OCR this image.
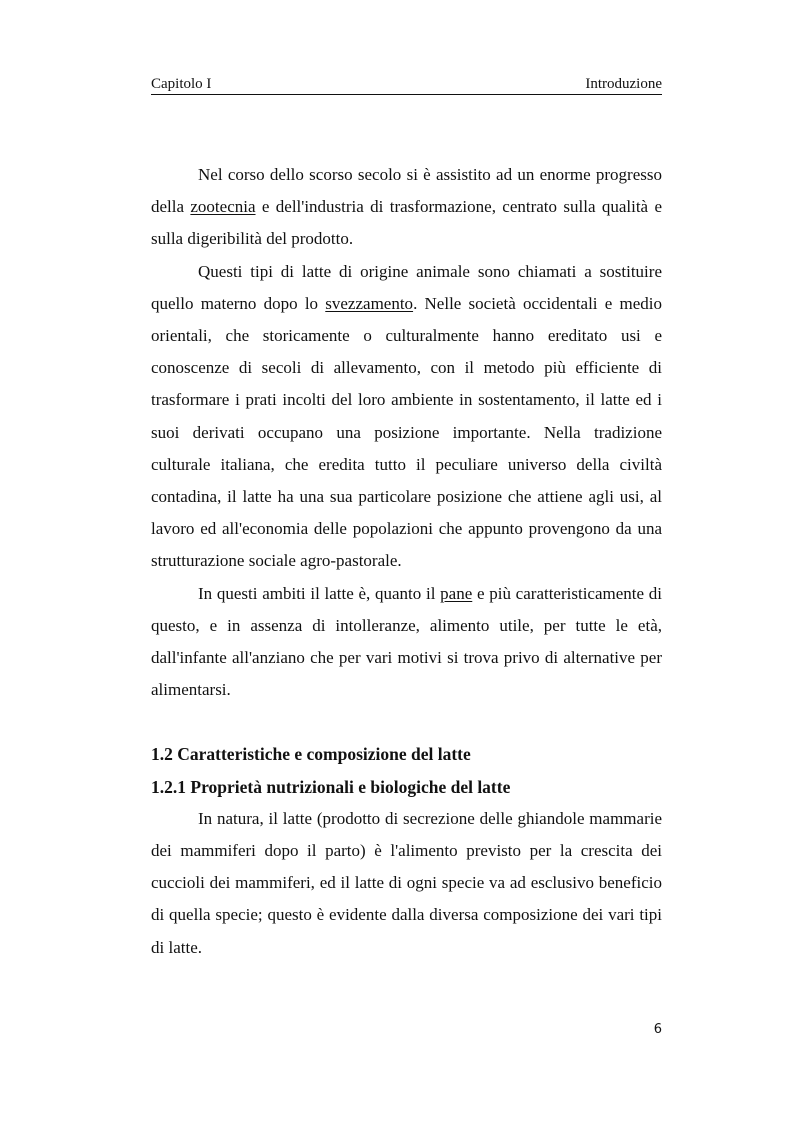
Capitolo I	Introduzione

Nel corso dello scorso secolo si è assistito ad un enorme progresso della zootecnia e dell'industria di trasformazione, centrato sulla qualità e sulla digeribilità del prodotto.

Questi tipi di latte di origine animale sono chiamati a sostituire quello materno dopo lo svezzamento. Nelle società occidentali e medio orientali, che storicamente o culturalmente hanno ereditato usi e conoscenze di secoli di allevamento, con il metodo più efficiente di trasformare i prati incolti del loro ambiente in sostentamento, il latte ed i suoi derivati occupano una posizione importante. Nella tradizione culturale italiana, che eredita tutto il peculiare universo della civiltà contadina, il latte ha una sua particolare posizione che attiene agli usi, al lavoro ed all'economia delle popolazioni che appunto provengono da una strutturazione sociale agro-pastorale.

In questi ambiti il latte è, quanto il pane e più caratteristicamente di questo, e in assenza di intolleranze, alimento utile, per tutte le età, dall'infante all'anziano che per vari motivi si trova privo di alternative per alimentarsi.

1.2 Caratteristiche e composizione del latte
1.2.1 Proprietà nutrizionali e biologiche del latte

In natura, il latte (prodotto di secrezione delle ghiandole mammarie dei mammiferi dopo il parto) è l'alimento previsto per la crescita dei cuccioli dei mammiferi, ed il latte di ogni specie va ad esclusivo beneficio di quella specie; questo è evidente dalla diversa composizione dei vari tipi di latte.

6
